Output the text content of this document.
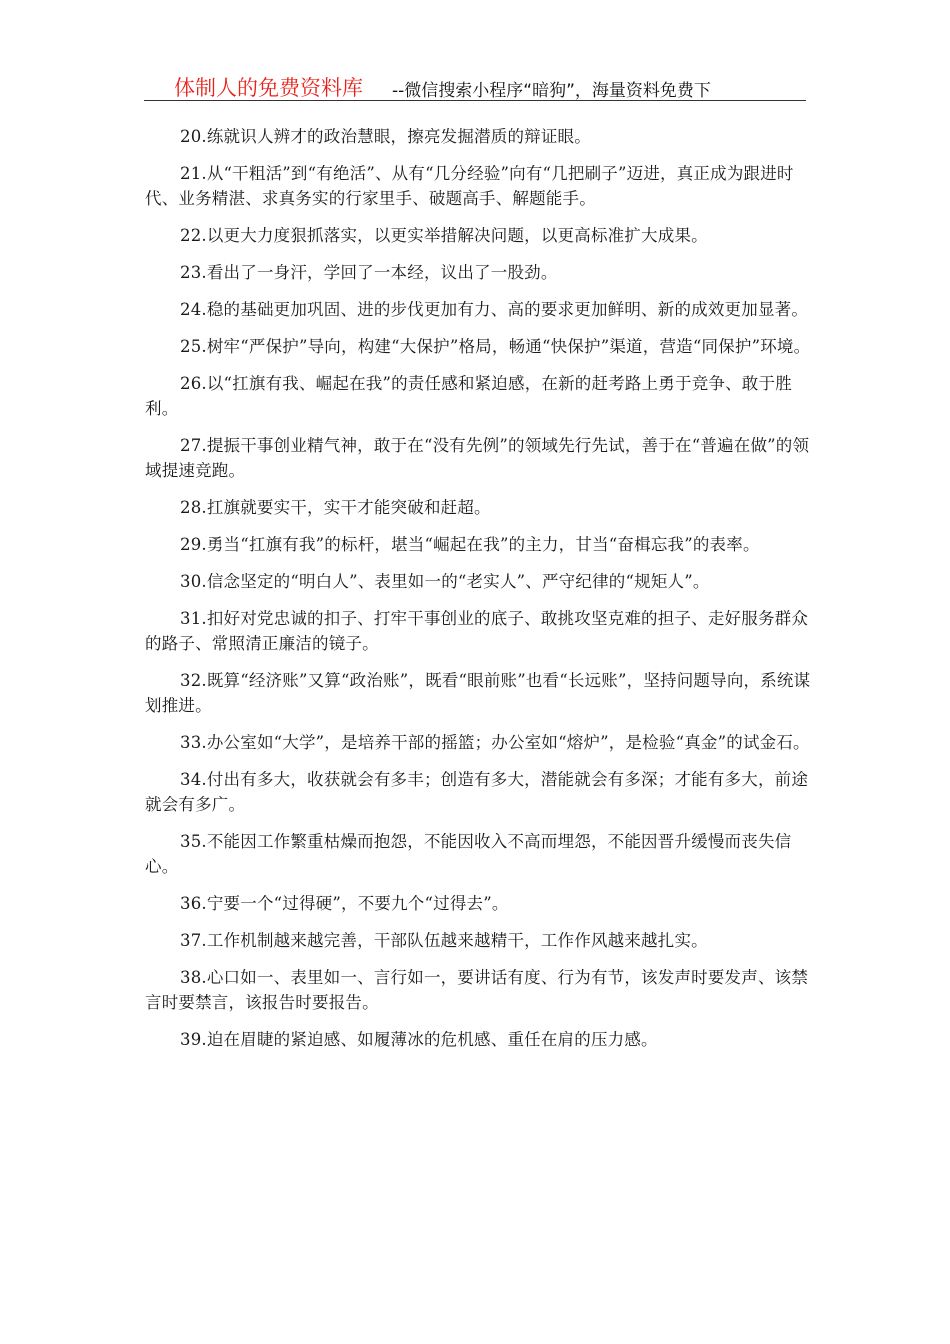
体制人的免费资料库 --微信搜索小程序“暗狗”，海量资料免费下

20.练就识人辨才的政治慧眼，擦亮发掘潜质的辩证眼。

21.从“干粗活”到“有绝活”、从有“几分经验”向有“几把刷子”迈进，真正成为跟进时代、业务精湛、求真务实的行家里手、破题高手、解题能手。

22.以更大力度狠抓落实，以更实举措解决问题，以更高标准扩大成果。

23.看出了一身汗，学回了一本经，议出了一股劲。

24.稳的基础更加巩固、进的步伐更加有力、高的要求更加鲜明、新的成效更加显著。

25.树牢“严保护”导向，构建“大保护”格局，畅通“快保护”渠道，营造“同保护”环境。

26.以“扛旗有我、崛起在我”的责任感和紧迫感，在新的赶考路上勇于竞争、敢于胜利。

27.提振干事创业精气神，敢于在“没有先例”的领域先行先试，善于在“普遍在做”的领域提速竞跑。

28.扛旗就要实干，实干才能突破和赶超。

29.勇当“扛旗有我”的标杆，堪当“崛起在我”的主力，甘当“奋楫忘我”的表率。

30.信念坚定的“明白人”、表里如一的“老实人”、严守纪律的“规矩人”。

31.扣好对党忠诚的扣子、打牢干事创业的底子、敢挑攻坚克难的担子、走好服务群众的路子、常照清正廉洁的镜子。

32.既算“经济账”又算“政治账”，既看“眼前账”也看“长远账”，坚持问题导向，系统谋划推进。

33.办公室如“大学”，是培养干部的摇篮；办公室如“熔炉”，是检验“真金”的试金石。

34.付出有多大，收获就会有多丰；创造有多大，潜能就会有多深；才能有多大，前途就会有多广。

35.不能因工作繁重枯燥而抱怨，不能因收入不高而埋怨，不能因晋升缓慢而丧失信心。

36.宁要一个“过得硬”，不要九个“过得去”。

37.工作机制越来越完善，干部队伍越来越精干，工作作风越来越扎实。

38.心口如一、表里如一、言行如一，要讲话有度、行为有节，该发声时要发声、该禁言时要禁言，该报告时要报告。

39.迫在眉睫的紧迫感、如履薄冰的危机感、重任在肩的压力感。
